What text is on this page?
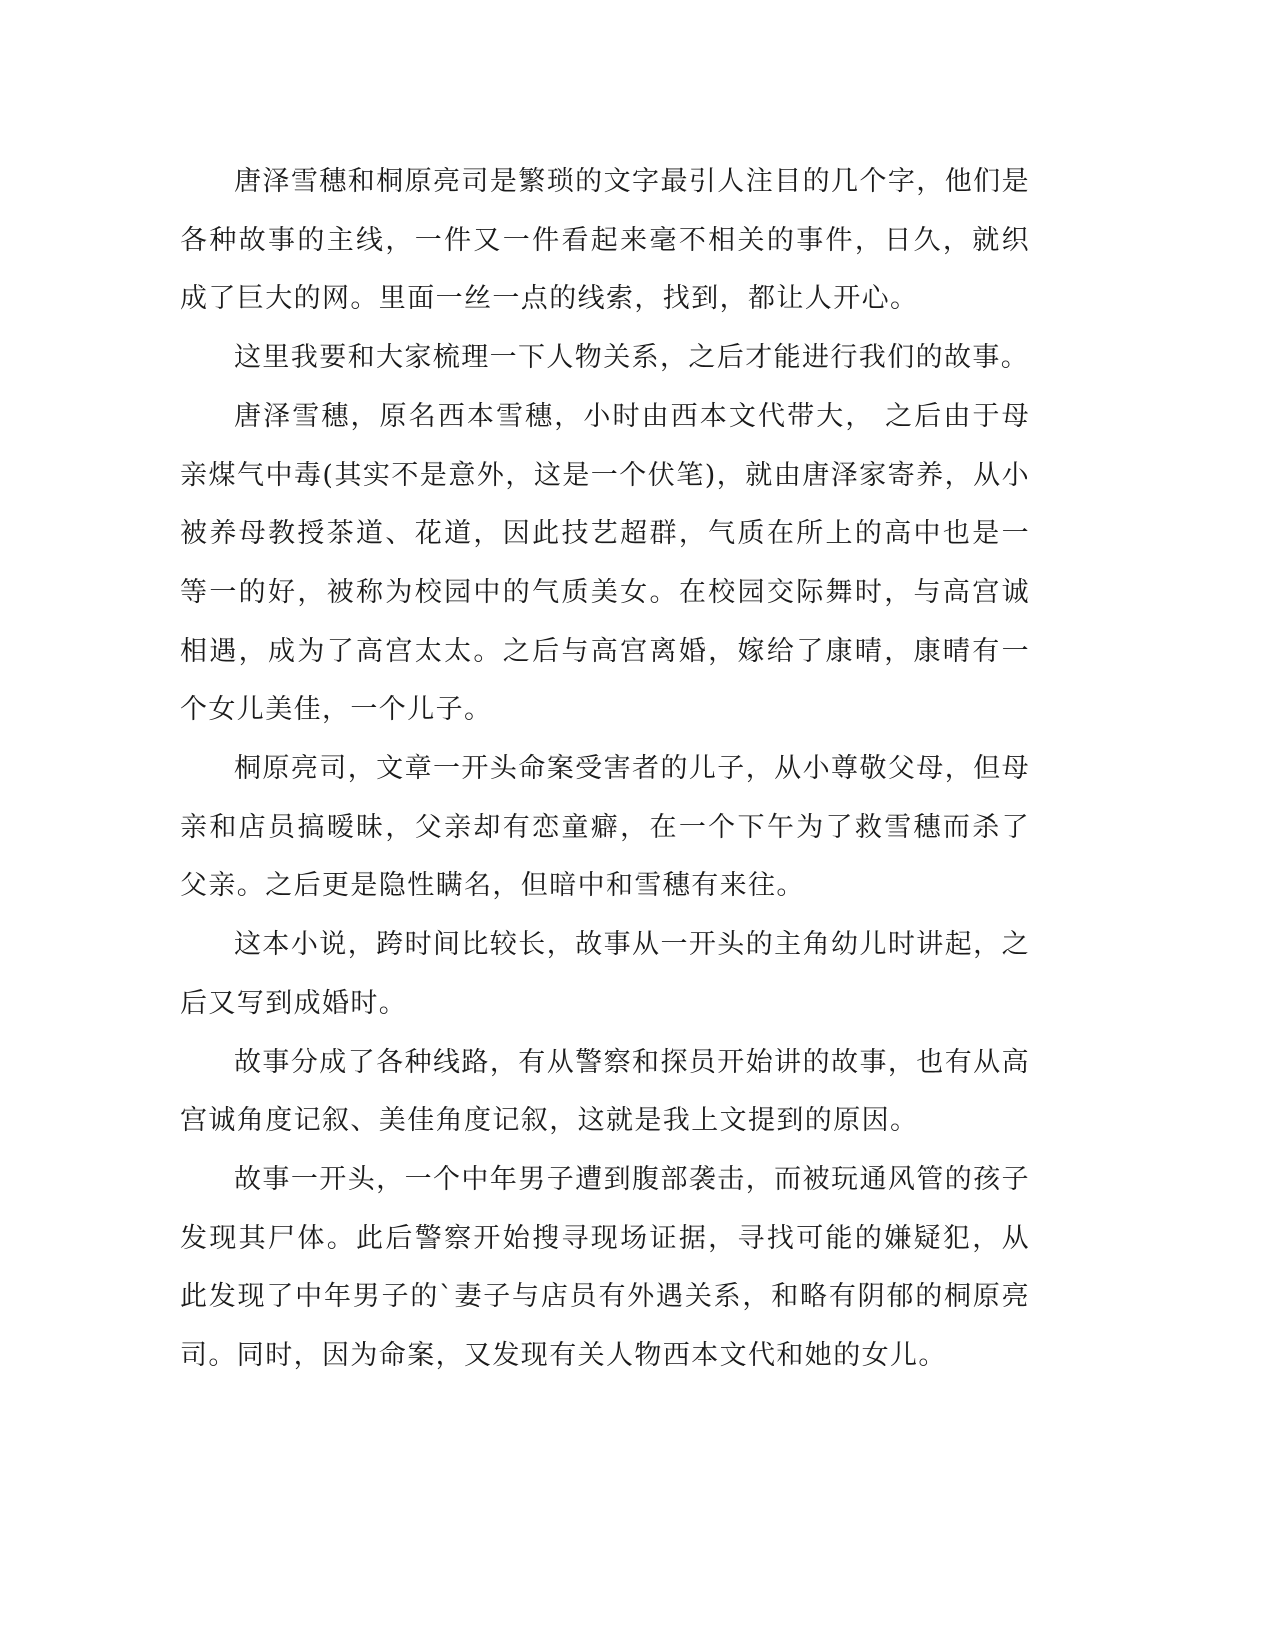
唐泽雪穗和桐原亮司是繁琐的文字最引人注目的几个字，他们是各种故事的主线，一件又一件看起来毫不相关的事件，日久，就织成了巨大的网。里面一丝一点的线索，找到，都让人开心。

这里我要和大家梳理一下人物关系，之后才能进行我们的故事。

唐泽雪穗，原名西本雪穗，小时由西本文代带大， 之后由于母亲煤气中毒(其实不是意外，这是一个伏笔)，就由唐泽家寄养，从小被养母教授茶道、花道，因此技艺超群，气质在所上的高中也是一等一的好，被称为校园中的气质美女。在校园交际舞时，与高宫诚相遇，成为了高宫太太。之后与高宫离婚，嫁给了康晴，康晴有一个女儿美佳，一个儿子。

桐原亮司，文章一开头命案受害者的儿子，从小尊敬父母，但母亲和店员搞暧昧，父亲却有恋童癖，在一个下午为了救雪穗而杀了父亲。之后更是隐性瞒名，但暗中和雪穗有来往。

这本小说，跨时间比较长，故事从一开头的主角幼儿时讲起，之后又写到成婚时。

故事分成了各种线路，有从警察和探员开始讲的故事，也有从高宫诚角度记叙、美佳角度记叙，这就是我上文提到的原因。

故事一开头，一个中年男子遭到腹部袭击，而被玩通风管的孩子发现其尸体。此后警察开始搜寻现场证据，寻找可能的嫌疑犯，从此发现了中年男子的`妻子与店员有外遇关系，和略有阴郁的桐原亮司。同时，因为命案，又发现有关人物西本文代和她的女儿。
